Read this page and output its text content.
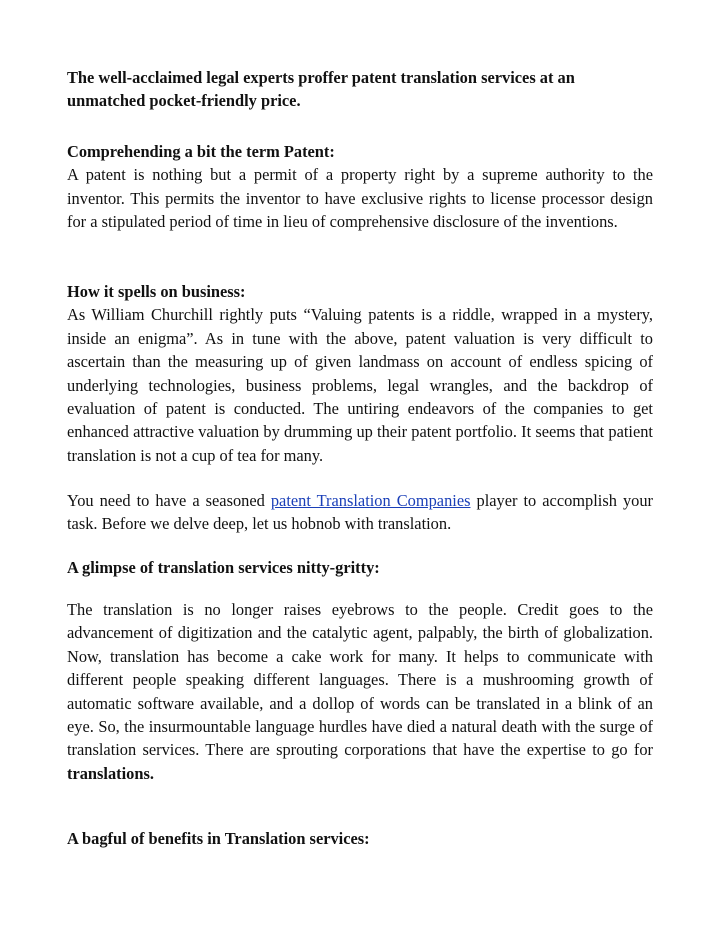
The well-acclaimed legal experts proffer patent translation services at an unmatched pocket-friendly price.

Comprehending a bit the term Patent:
A patent is nothing but a permit of a property right by a supreme authority to the inventor. This permits the inventor to have exclusive rights to license processor design for a stipulated period of time in lieu of comprehensive disclosure of the inventions.
How it spells on business:
As William Churchill rightly puts “Valuing patents is a riddle, wrapped in a mystery, inside an enigma”. As in tune with the above, patent valuation is very difficult to ascertain than the measuring up of given landmass on account of endless spicing of underlying technologies, business problems, legal wrangles, and the backdrop of evaluation of patent is conducted. The untiring endeavors of the companies to get enhanced attractive valuation by drumming up their patent portfolio. It seems that patient translation is not a cup of tea for many.

You need to have a seasoned patent Translation Companies player to accomplish your task. Before we delve deep, let us hobnob with translation.

A glimpse of translation services nitty-gritty:

The translation is no longer raises eyebrows to the people. Credit goes to the advancement of digitization and the catalytic agent, palpably, the birth of globalization. Now, translation has become a cake work for many. It helps to communicate with different people speaking different languages. There is a mushrooming growth of automatic software available, and a dollop of words can be translated in a blink of an eye. So, the insurmountable language hurdles have died a natural death with the surge of translation services. There are sprouting corporations that have the expertise to go for translations.

A bagful of benefits in Translation services:
